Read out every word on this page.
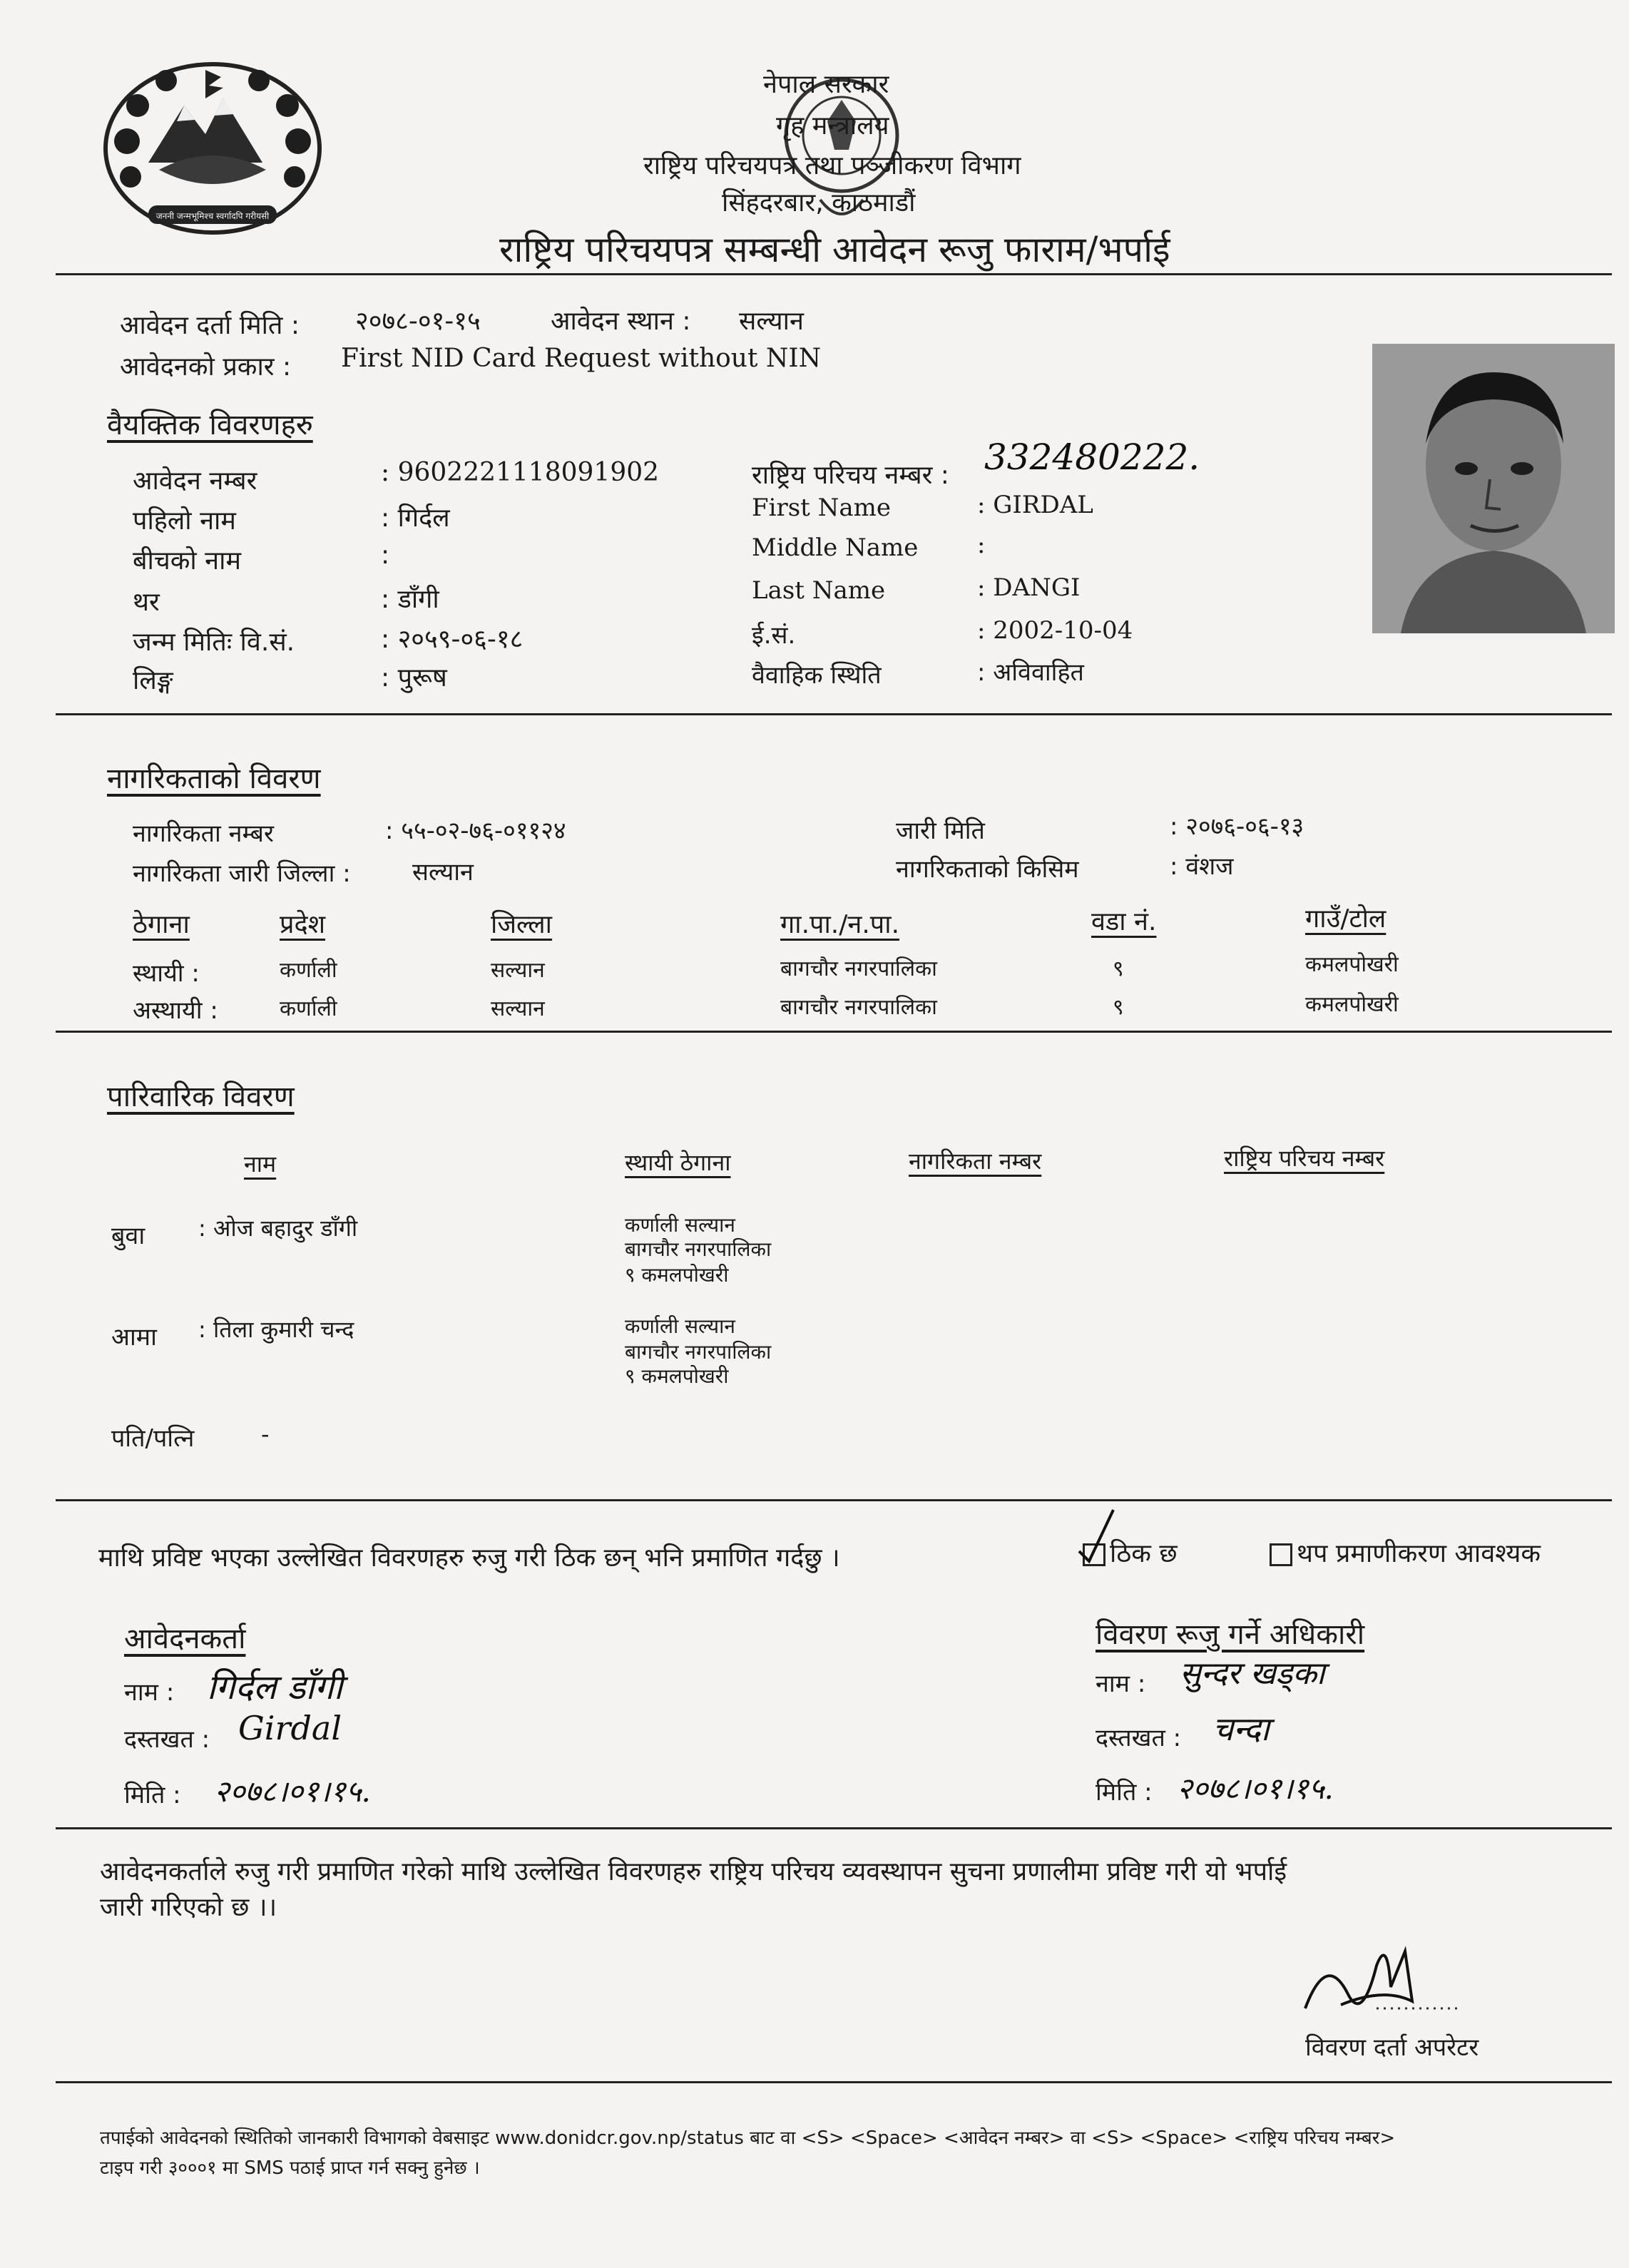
जननी जन्मभूमिश्च स्वर्गादपि गरीयसी
नेपाल सरकार
गृह मन्त्रालय
राष्ट्रिय परिचयपत्र तथा पञ्जीकरण विभाग
सिंहदरबार, काठमाडौं
राष्ट्रिय परिचयपत्र सम्बन्धी आवेदन रूजु फाराम/भर्पाई
आवेदन दर्ता मिति : २०७८-०१-१५	आवेदन स्थान : सल्यान
आवेदनको प्रकार : First NID Card Request without NIN
वैयक्तिक विवरणहरु
आवेदन नम्बर	: 9602221118091902
पहिलो नाम	: गिर्दल
बीचको नाम	:
थर	: डाँगी
जन्म मितिः वि.सं.	: २०५९-०६-१८
लिङ्ग	: पुरूष
राष्ट्रिय परिचय नम्बर : 332480222.
First Name	: GIRDAL
Middle Name :
Last Name	: DANGI
ई.सं.	: 2002-10-04
वैवाहिक स्थिति	: अविवाहित
नागरिकताको विवरण
नागरिकता नम्बर	: ५५-०२-७६-०११२४	जारी मिति	: २०७६-०६-१३
नागरिकता जारी जिल्ला :	सल्यान	नागरिकताको किसिम	: वंशज
ठेगाना	प्रदेश	जिल्ला	गा.पा./न.पा.	वडा नं.	गाउँ/टोल
स्थायी :	कर्णाली	सल्यान	बागचौर नगरपालिका	९	कमलपोखरी
अस्थायी :	कर्णाली	सल्यान	बागचौर नगरपालिका	९	कमलपोखरी
पारिवारिक विवरण
नाम	स्थायी ठेगाना	नागरिकता नम्बर	राष्ट्रिय परिचय नम्बर
बुवा : ओज बहादुर डाँगी	कर्णाली सल्यान
बागचौर नगरपालिका
९ कमलपोखरी
आमा : तिला कुमारी चन्द	कर्णाली सल्यान
बागचौर नगरपालिका
९ कमलपोखरी
पति/पत्नि	-
माथि प्रविष्ट भएका उल्लेखित विवरणहरु रुजु गरी ठिक छन् भनि प्रमाणित गर्दछु ।	ठिक छ	थप प्रमाणीकरण आवश्यक
आवेदनकर्ता
नाम : गिर्दल डाँगी
दस्तखत : Girdal
मिति : २०७८।०१।१५.
विवरण रूजु गर्ने अधिकारी
नाम : सुन्दर खड्का
दस्तखत : चन्दा
मिति : २०७८।०१।१५.
आवेदनकर्ताले रुजु गरी प्रमाणित गरेको माथि उल्लेखित विवरणहरु राष्ट्रिय परिचय व्यवस्थापन सुचना प्रणालीमा प्रविष्ट गरी यो भर्पाई
जारी गरिएको छ ।।
विवरण दर्ता अपरेटर
तपाईको आवेदनको स्थितिको जानकारी विभागको वेबसाइट www.donidcr.gov.np/status बाट वा <S> <Space> <आवेदन नम्बर> वा <S> <Space> <राष्ट्रिय परिचय नम्बर>
टाइप गरी ३०००१ मा SMS पठाई प्राप्त गर्न सक्नु हुनेछ ।
